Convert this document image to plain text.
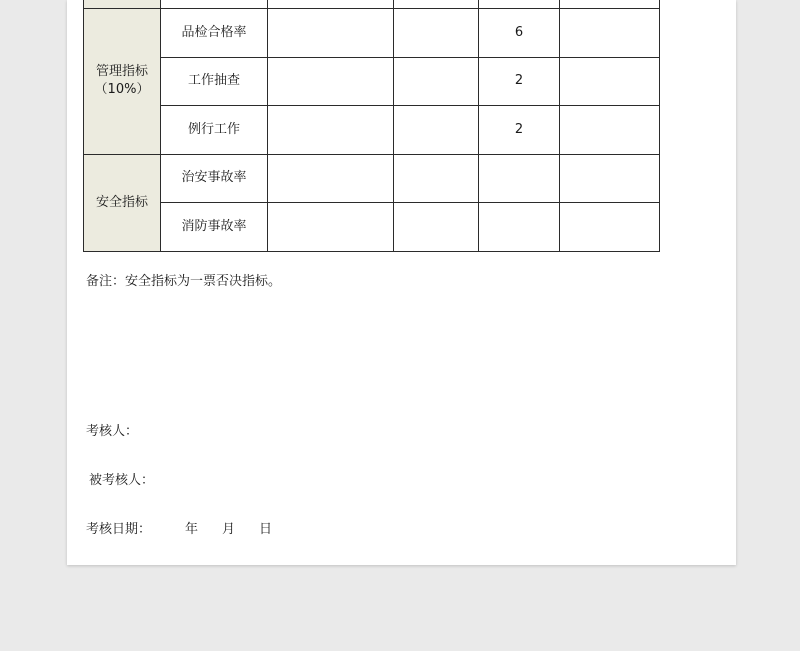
管理指标
（10%）	品检合格率			6	
	工作抽查			2	
	例行工作			2	

安全指标	治安事故率				
	消防事故率				
备注：安全指标为一票否决指标。
考核人：
被考核人：
考核日期：	年 月 日
